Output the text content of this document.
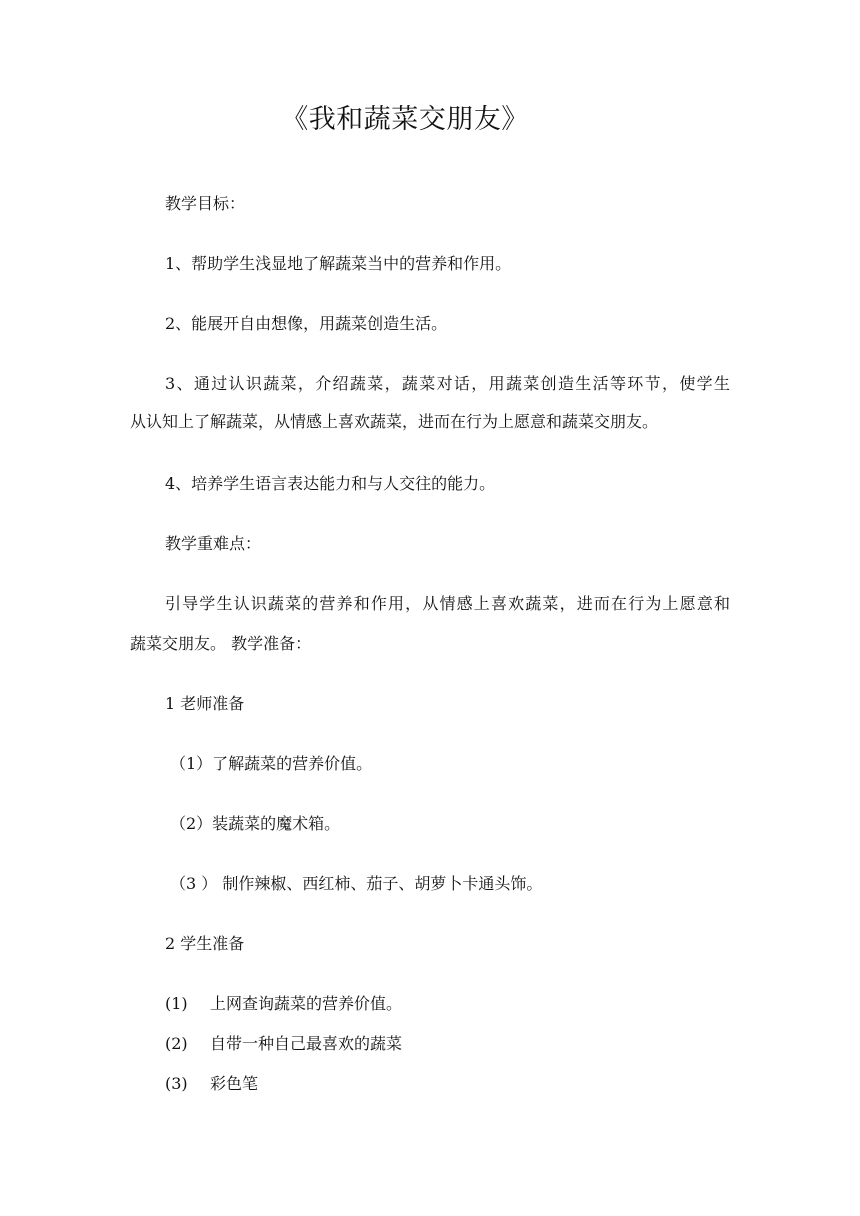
《我和蔬菜交朋友》
教学目标：
1、帮助学生浅显地了解蔬菜当中的营养和作用。
2、能展开自由想像，用蔬菜创造生活。
3、通过认识蔬菜，介绍蔬菜，蔬菜对话，用蔬菜创造生活等环节，使学生
从认知上了解蔬菜，从情感上喜欢蔬菜，进而在行为上愿意和蔬菜交朋友。
4、培养学生语言表达能力和与人交往的能力。
教学重难点：
引导学生认识蔬菜的营养和作用，从情感上喜欢蔬菜，进而在行为上愿意和
蔬菜交朋友。 教学准备：
1 老师准备
（1）了解蔬菜的营养价值。
（2）装蔬菜的魔术箱。
（3 ） 制作辣椒、西红柿、茄子、胡萝卜卡通头饰。
2 学生准备
(1) 上网查询蔬菜的营养价值。
(2) 自带一种自己最喜欢的蔬菜
(3) 彩色笔
